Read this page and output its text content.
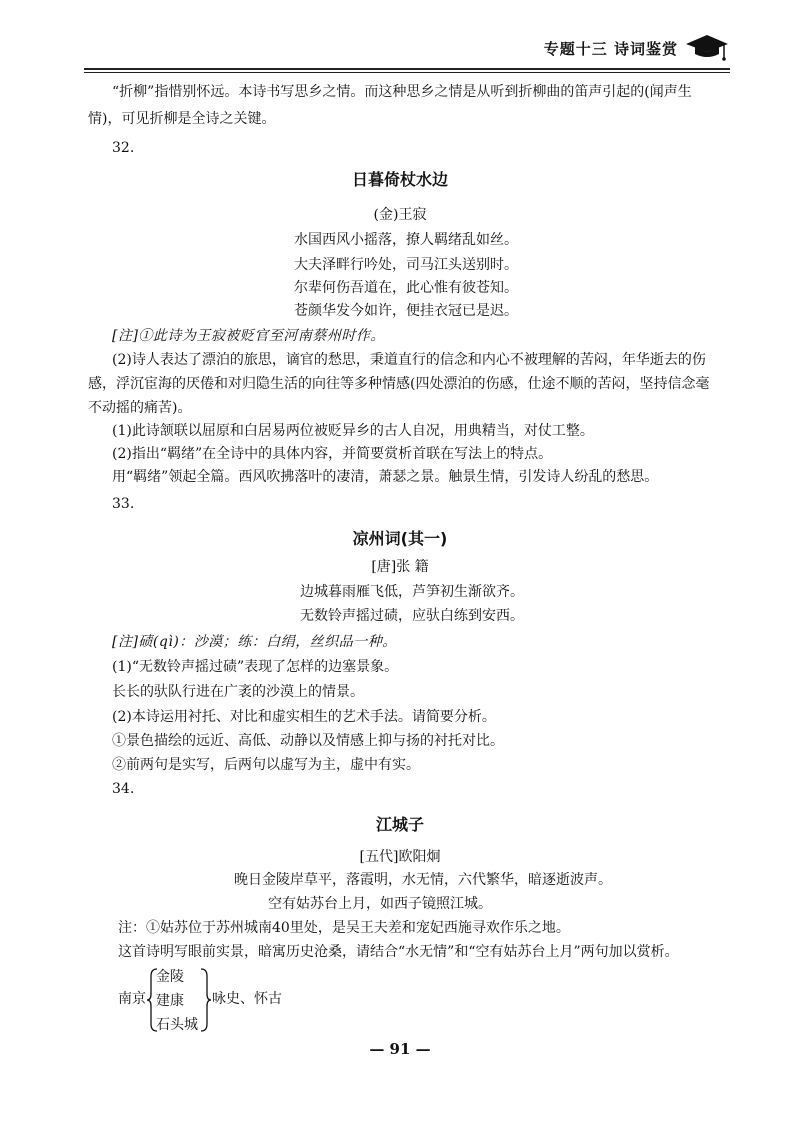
专题十三 诗词鉴赏
“折柳”指惜别怀远。本诗书写思乡之情。而这种思乡之情是从听到折柳曲的笛声引起的(闻声生
情)，可见折柳是全诗之关键。
32.
日暮倚杖水边
(金)王寂
水国西风小摇落，撩人羁绪乱如丝。
大夫泽畔行吟处，司马江头送别时。
尔辈何伤吾道在，此心惟有彼苍知。
苍颜华发今如许，便挂衣冠已是迟。
[注]①此诗为王寂被贬官至河南蔡州时作。
(2)诗人表达了漂泊的旅思，谪官的愁思，秉道直行的信念和内心不被理解的苦闷，年华逝去的伤感，浮沉宦海的厌倦和对归隐生活的向往等多种情感(四处漂泊的伤感，仕途不顺的苦闷，坚持信念毫不动摇的痛苦)。
(1)此诗颔联以屈原和白居易两位被贬异乡的古人自况，用典精当，对仗工整。
(2)指出“羁绪”在全诗中的具体内容，并简要赏析首联在写法上的特点。
用“羁绪”领起全篇。西风吹拂落叶的凄清，萧瑟之景。触景生情，引发诗人纷乱的愁思。
33.
凉州词(其一)
[唐]张 籍
边城暮雨雁飞低，芦笋初生渐欲齐。
无数铃声摇过碛，应驮白练到安西。
[注]碛(qì)：沙漠；练：白绢，丝织品一种。
(1)“无数铃声摇过碛”表现了怎样的边塞景象。
长长的驮队行进在广袤的沙漠上的情景。
(2)本诗运用衬托、对比和虚实相生的艺术手法。请简要分析。
①景色描绘的远近、高低、动静以及情感上抑与扬的衬托对比。
②前两句是实写，后两句以虚写为主，虚中有实。
34.
江城子
[五代]欧阳炯
晚日金陵岸草平，落霞明，水无情，六代繁华，暗逐逝波声。
空有姑苏台上月，如西子镜照江城。
注：①姑苏位于苏州城南40里处，是吴王夫差和宠妃西施寻欢作乐之地。
这首诗明写眼前实景，暗寓历史沧桑，请结合“水无情”和“空有姑苏台上月”两句加以赏析。
南京
金陵
建康
石头城
咏史、怀古
— 91 —
